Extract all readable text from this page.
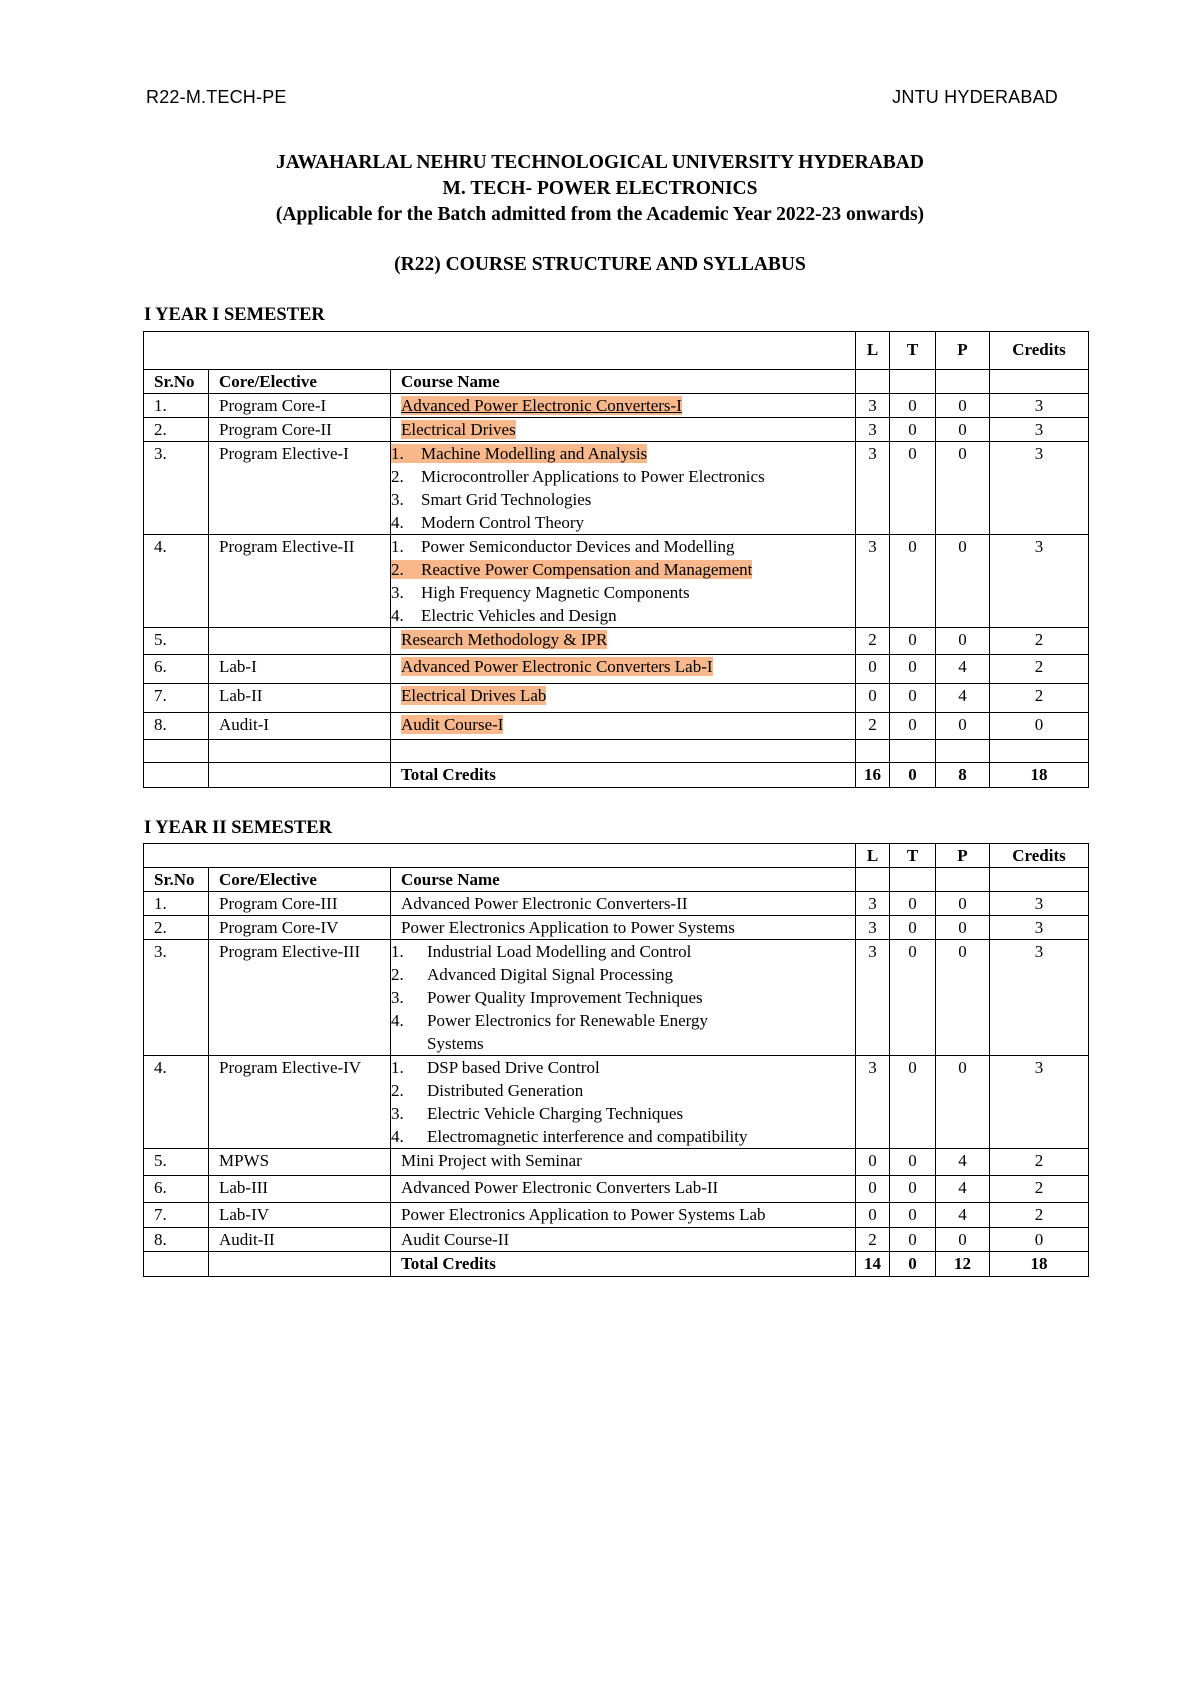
R22-M.TECH-PE	JNTU HYDERABAD
JAWAHARLAL NEHRU TECHNOLOGICAL UNIVERSITY HYDERABAD
M. TECH- POWER ELECTRONICS
(Applicable for the Batch admitted from the Academic Year 2022-23 onwards)
(R22) COURSE STRUCTURE AND SYLLABUS
I YEAR I SEMESTER
			L	T	P	Credits
Sr.No	Core/Elective	Course Name				
1.	Program Core-I	Advanced Power Electronic Converters-I	3	0	0	3
2.	Program Core-II	Electrical Drives	3	0	0	3
3.	Program Elective-I	1. Machine Modelling and Analysis
2. Microcontroller Applications to Power Electronics
3. Smart Grid Technologies
4. Modern Control Theory	3	0	0	3
4.	Program Elective-II	1. Power Semiconductor Devices and Modelling
2. Reactive Power Compensation and Management
3. High Frequency Magnetic Components
4. Electric Vehicles and Design	3	0	0	3
5.		Research Methodology & IPR	2	0	0	2
6.	Lab-I	Advanced Power Electronic Converters Lab-I	0	0	4	2
7.	Lab-II	Electrical Drives Lab	0	0	4	2
8.	Audit-I	Audit Course-I	2	0	0	0

		Total Credits	16	0	8	18
I YEAR II SEMESTER
			L	T	P	Credits
Sr.No	Core/Elective	Course Name				
1.	Program Core-III	Advanced Power Electronic Converters-II	3	0	0	3
2.	Program Core-IV	Power Electronics Application to Power Systems	3	0	0	3
3.	Program Elective-III	1. Industrial Load Modelling and Control
2. Advanced Digital Signal Processing
3. Power Quality Improvement Techniques
4. Power Electronics for Renewable Energy
Systems	3	0	0	3
4.	Program Elective-IV	1. DSP based Drive Control
2. Distributed Generation
3. Electric Vehicle Charging Techniques
4. Electromagnetic interference and compatibility	3	0	0	3
5.	MPWS	Mini Project with Seminar	0	0	4	2
6.	Lab-III	Advanced Power Electronic Converters Lab-II	0	0	4	2
7.	Lab-IV	Power Electronics Application to Power Systems Lab	0	0	4	2
8.	Audit-II	Audit Course-II	2	0	0	0
		Total Credits	14	0	12	18
